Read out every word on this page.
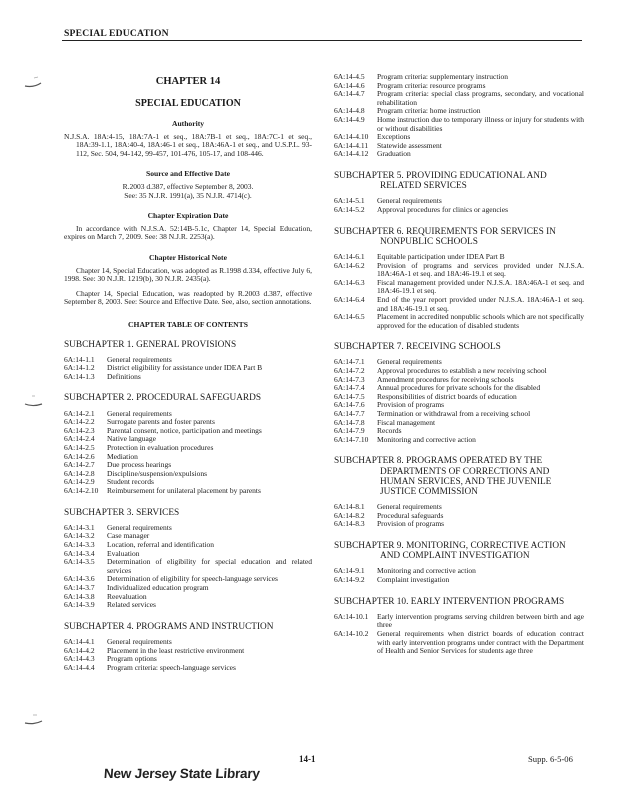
SPECIAL EDUCATION
CHAPTER 14
SPECIAL EDUCATION
Authority
N.J.S.A. 18A:4-15, 18A:7A-1 et seq., 18A:7B-1 et seq., 18A:7C-1 et seq., 18A:39-1.1, 18A:40-4, 18A:46-1 et seq., 18A:46A-1 et seq., and U.S.P.L. 93-112, Sec. 504, 94-142, 99-457, 101-476, 105-17, and 108-446.
Source and Effective Date
R.2003 d.387, effective September 8, 2003.
See: 35 N.J.R. 1991(a), 35 N.J.R. 4714(c).
Chapter Expiration Date
In accordance with N.J.S.A. 52:14B-5.1c, Chapter 14, Special Education, expires on March 7, 2009. See: 38 N.J.R. 2253(a).
Chapter Historical Note
Chapter 14, Special Education, was adopted as R.1998 d.334, effective July 6, 1998. See: 30 N.J.R. 1219(b), 30 N.J.R. 2435(a).
Chapter 14, Special Education, was readopted by R.2003 d.387, effective September 8, 2003. See: Source and Effective Date. See, also, section annotations.
CHAPTER TABLE OF CONTENTS
SUBCHAPTER 1. GENERAL PROVISIONS
6A:14-1.1	General requirements
6A:14-1.2	District eligibility for assistance under IDEA Part B
6A:14-1.3	Definitions
SUBCHAPTER 2. PROCEDURAL SAFEGUARDS
6A:14-2.1	General requirements
6A:14-2.2	Surrogate parents and foster parents
6A:14-2.3	Parental consent, notice, participation and meetings
6A:14-2.4	Native language
6A:14-2.5	Protection in evaluation procedures
6A:14-2.6	Mediation
6A:14-2.7	Due process hearings
6A:14-2.8	Discipline/suspension/expulsions
6A:14-2.9	Student records
6A:14-2.10	Reimbursement for unilateral placement by parents
SUBCHAPTER 3. SERVICES
6A:14-3.1	General requirements
6A:14-3.2	Case manager
6A:14-3.3	Location, referral and identification
6A:14-3.4	Evaluation
6A:14-3.5	Determination of eligibility for special education and related services
6A:14-3.6	Determination of eligibility for speech-language services
6A:14-3.7	Individualized education program
6A:14-3.8	Reevaluation
6A:14-3.9	Related services
SUBCHAPTER 4. PROGRAMS AND INSTRUCTION
6A:14-4.1	General requirements
6A:14-4.2	Placement in the least restrictive environment
6A:14-4.3	Program options
6A:14-4.4	Program criteria: speech-language services
6A:14-4.5	Program criteria: supplementary instruction
6A:14-4.6	Program criteria: resource programs
6A:14-4.7	Program criteria: special class programs, secondary, and vocational rehabilitation
6A:14-4.8	Program criteria: home instruction
6A:14-4.9	Home instruction due to temporary illness or injury for students with or without disabilities
6A:14-4.10	Exceptions
6A:14-4.11	Statewide assessment
6A:14-4.12	Graduation
SUBCHAPTER 5. PROVIDING EDUCATIONAL AND RELATED SERVICES
6A:14-5.1	General requirements
6A:14-5.2	Approval procedures for clinics or agencies
SUBCHAPTER 6. REQUIREMENTS FOR SERVICES IN NONPUBLIC SCHOOLS
6A:14-6.1	Equitable participation under IDEA Part B
6A:14-6.2	Provision of programs and services provided under N.J.S.A. 18A:46A-1 et seq. and 18A:46-19.1 et seq.
6A:14-6.3	Fiscal management provided under N.J.S.A. 18A:46A-1 et seq. and 18A:46-19.1 et seq.
6A:14-6.4	End of the year report provided under N.J.S.A. 18A:46A-1 et seq. and 18A:46-19.1 et seq.
6A:14-6.5	Placement in accredited nonpublic schools which are not specifically approved for the education of disabled students
SUBCHAPTER 7. RECEIVING SCHOOLS
6A:14-7.1	General requirements
6A:14-7.2	Approval procedures to establish a new receiving school
6A:14-7.3	Amendment procedures for receiving schools
6A:14-7.4	Annual procedures for private schools for the disabled
6A:14-7.5	Responsibilities of district boards of education
6A:14-7.6	Provision of programs
6A:14-7.7	Termination or withdrawal from a receiving school
6A:14-7.8	Fiscal management
6A:14-7.9	Records
6A:14-7.10	Monitoring and corrective action
SUBCHAPTER 8. PROGRAMS OPERATED BY THE DEPARTMENTS OF CORRECTIONS AND HUMAN SERVICES, AND THE JUVENILE JUSTICE COMMISSION
6A:14-8.1	General requirements
6A:14-8.2	Procedural safeguards
6A:14-8.3	Provision of programs
SUBCHAPTER 9. MONITORING, CORRECTIVE ACTION AND COMPLAINT INVESTIGATION
6A:14-9.1	Monitoring and corrective action
6A:14-9.2	Complaint investigation
SUBCHAPTER 10. EARLY INTERVENTION PROGRAMS
6A:14-10.1	Early intervention programs serving children between birth and age three
6A:14-10.2	General requirements when district boards of education contract with early intervention programs under contract with the Department of Health and Senior Services for students age three
14-1	Supp. 6-5-06
New Jersey State Library
